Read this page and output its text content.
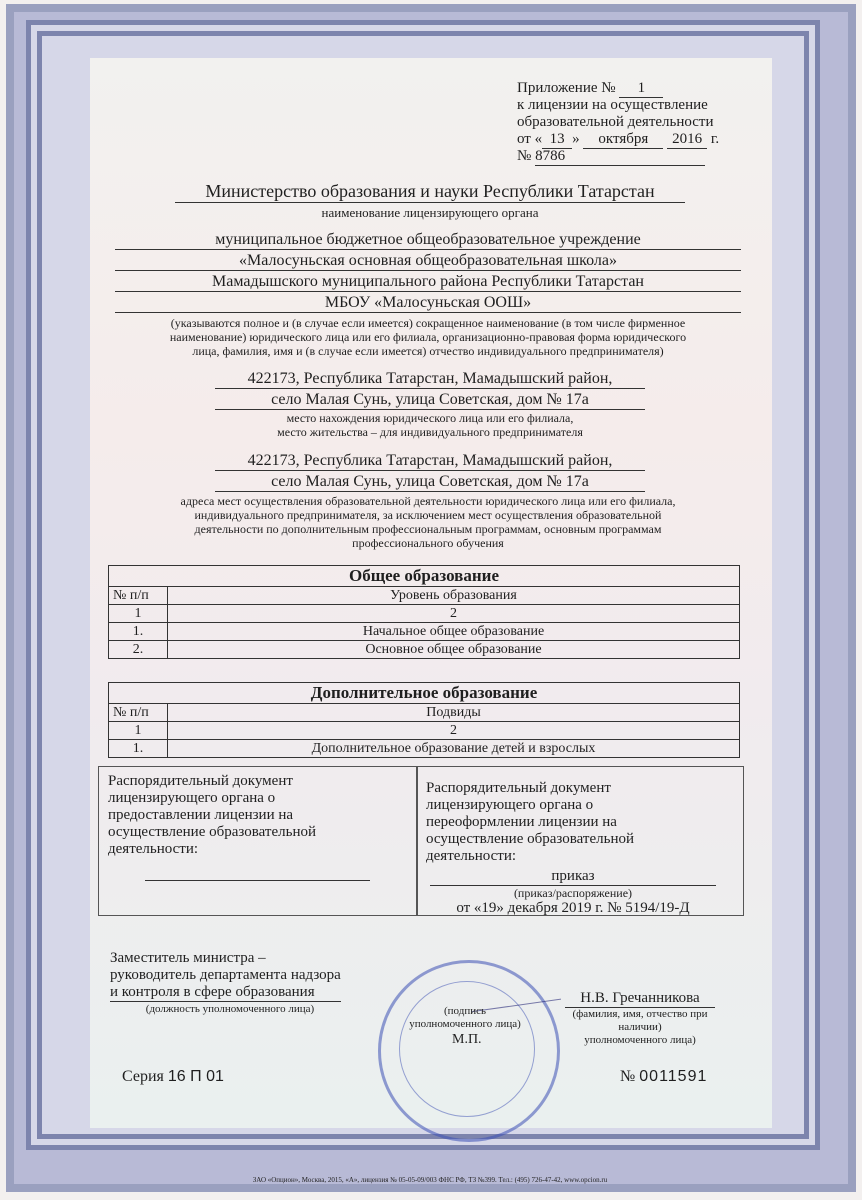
Приложение № 1
к лицензии на осуществление
образовательной деятельности
от « 13 » октября 2016 г.
№ 8786
Министерство образования и науки Республики Татарстан
наименование лицензирующего органа
муниципальное бюджетное общеобразовательное учреждение
«Малосуньская основная общеобразовательная школа»
Мамадышского муниципального района Республики Татарстан
МБОУ «Малосуньская ООШ»
(указываются полное и (в случае если имеется) сокращенное наименование (в том числе фирменное
наименование) юридического лица или его филиала, организационно-правовая форма юридического
лица, фамилия, имя и (в случае если имеется) отчество индивидуального предпринимателя)
422173, Республика Татарстан, Мамадышский район,
село Малая Сунь, улица Советская, дом № 17а
место нахождения юридического лица или его филиала,
место жительства – для индивидуального предпринимателя
422173, Республика Татарстан, Мамадышский район,
село Малая Сунь, улица Советская, дом № 17а
адреса мест осуществления образовательной деятельности юридического лица или его филиала,
индивидуального предпринимателя, за исключением мест осуществления образовательной
деятельности по дополнительным профессиональным программам, основным программам
профессионального обучения
Общее образование	
№ п/п	Уровень образования
1	2
1.	Начальное общее образование
2.	Основное общее образование
Дополнительное образование	
№ п/п	Подвиды
1	2
1.	Дополнительное образование детей и взрослых
Распорядительный документ
лицензирующего органа о
предоставлении лицензии на
осуществление образовательной
деятельности:
Распорядительный документ
лицензирующего органа о
переоформлении лицензии на
осуществление образовательной
деятельности:
приказ
(приказ/распоряжение)
от «19» декабря 2019 г. № 5194/19-Д
Заместитель министра –
руководитель департамента надзора
и контроля в сфере образования
(должность уполномоченного лица)	(подпись
уполномоченного лица)
М.П.
Н.В. Гречанникова
(фамилия, имя, отчество при
наличии)
уполномоченного лица)
Серия 16 П 01	№ 0011591
ЗАО «Опцион», Москва, 2015, «А», лицензия № 05-05-09/003 ФНС РФ, ТЗ №399. Тел.: (495) 726-47-42, www.opcion.ru
